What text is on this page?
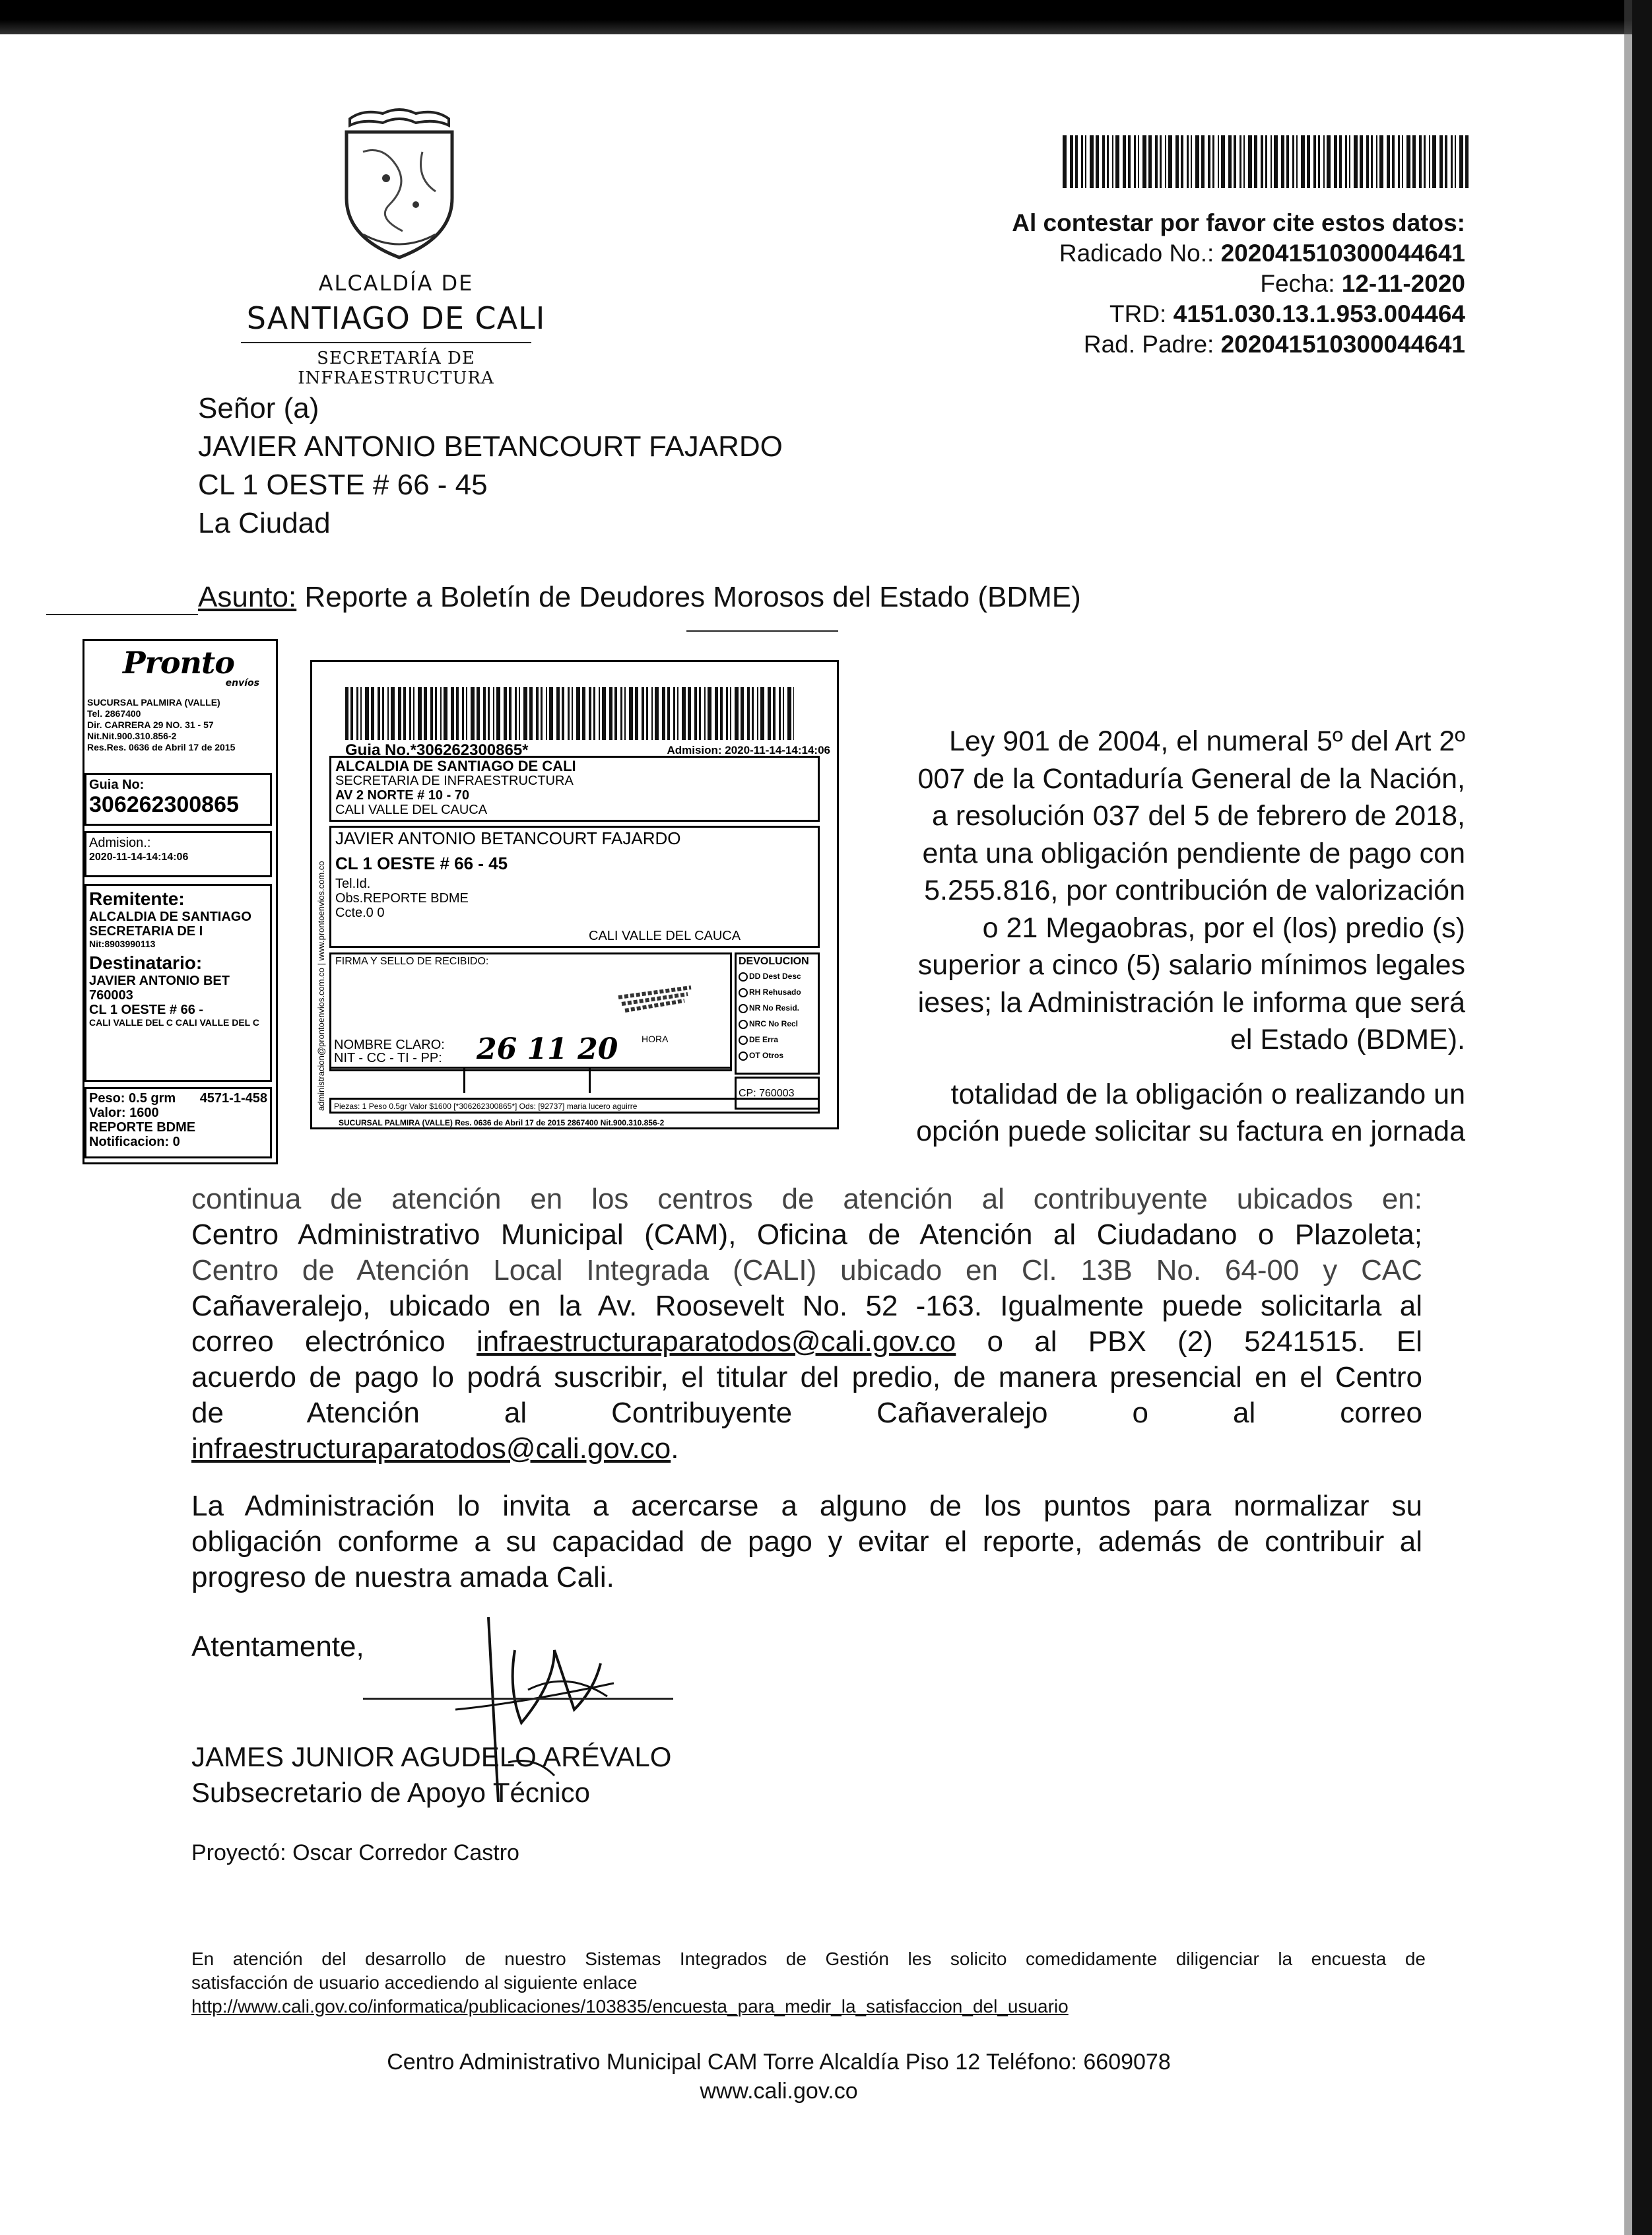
ALCALDÍA DE
SANTIAGO DE CALI
SECRETARÍA DE INFRAESTRUCTURA
Al contestar por favor cite estos datos:
Radicado No.: 202041510300044641
Fecha: 12-11-2020
TRD: 4151.030.13.1.953.004464
Rad. Padre: 202041510300044641
Señor (a)
JAVIER ANTONIO BETANCOURT FAJARDO
CL 1 OESTE # 66 - 45
La Ciudad
Asunto: Reporte a Boletín de Deudores Morosos del Estado (BDME)
Ley 901 de 2004, el numeral 5º del Art 2º
007 de la Contaduría General de la Nación,
a resolución 037 del 5 de febrero de 2018,
enta una obligación pendiente de pago con
5.255.816, por contribución de valorización
o 21 Megaobras, por el (los) predio (s)
superior a cinco (5) salario mínimos legales
ieses; la Administración le informa que será
el Estado (BDME).
totalidad de la obligación o realizando un
opción puede solicitar su factura en jornada
continua de atención en los centros de atención al contribuyente ubicados en:
Centro Administrativo Municipal (CAM), Oficina de Atención al Ciudadano o Plazoleta;
Centro de Atención Local Integrada (CALI) ubicado en Cl. 13B No. 64-00 y CAC
Cañaveralejo, ubicado en la Av. Roosevelt No. 52 -163. Igualmente puede solicitarla al
correo electrónico infraestructuraparatodos@cali.gov.co o al PBX (2) 5241515. El
acuerdo de pago lo podrá suscribir, el titular del predio, de manera presencial en el Centro
de Atención al Contribuyente Cañaveralejo o al correo
infraestructuraparatodos@cali.gov.co.
La Administración lo invita a acercarse a alguno de los puntos para normalizar su
obligación conforme a su capacidad de pago y evitar el reporte, además de contribuir al
progreso de nuestra amada Cali.
Atentamente,
JAMES JUNIOR AGUDELO ARÉVALO
Subsecretario de Apoyo Técnico
Proyectó: Oscar Corredor Castro
En atención del desarrollo de nuestro Sistemas Integrados de Gestión les solicito comedidamente diligenciar la encuesta de
satisfacción de usuario accediendo al siguiente enlace
http://www.cali.gov.co/informatica/publicaciones/103835/encuesta_para_medir_la_satisfaccion_del_usuario
Centro Administrativo Municipal CAM Torre Alcaldía Piso 12 Teléfono: 6609078
www.cali.gov.co
Pronto
envíos
SUCURSAL PALMIRA (VALLE)
Tel. 2867400
Dir. CARRERA 29 NO. 31 - 57
Nit.Nit.900.310.856-2
Res.Res. 0636 de Abril 17 de 2015
Guia No:
306262300865
Admision.:
2020-11-14-14:14:06
Remitente:
ALCALDIA DE SANTIAGO
SECRETARIA DE I
Nit:8903990113
Destinatario:
JAVIER ANTONIO BET
760003
CL 1 OESTE # 66 -
CALI VALLE DEL C CALI VALLE DEL C
Peso: 0.5 grm 4571-1-458
Valor: 1600
REPORTE BDME
Notificacion: 0
Guia No.*306262300865*	Admision: 2020-11-14-14:14:06
administracion@prontoenvios.com.co | www.prontoenvios.com.co
ALCALDIA DE SANTIAGO DE CALI
SECRETARIA DE INFRAESTRUCTURA
AV 2 NORTE # 10 - 70
CALI VALLE DEL CAUCA
JAVIER ANTONIO BETANCOURT FAJARDO
CL 1 OESTE # 66 - 45
Tel.Id.
Obs.REPORTE BDME
Ccte.0 0
CALI VALLE DEL CAUCA
FIRMA Y SELLO DE RECIBIDO:
NOMBRE CLARO:
NIT - CC - TI - PP: 26 11 20	HORA
DEVOLUCION
DD Dest Desc
RH Rehusado
NR No Resid.
NRC No Recl
DE Erra
OT Otros
CP: 760003
Piezas: 1 Peso 0.5gr Valor $1600 [*306262300865*] Ods: [92737] maria lucero aguirre
SUCURSAL PALMIRA (VALLE) Res. 0636 de Abril 17 de 2015 2867400 Nit.900.310.856-2
